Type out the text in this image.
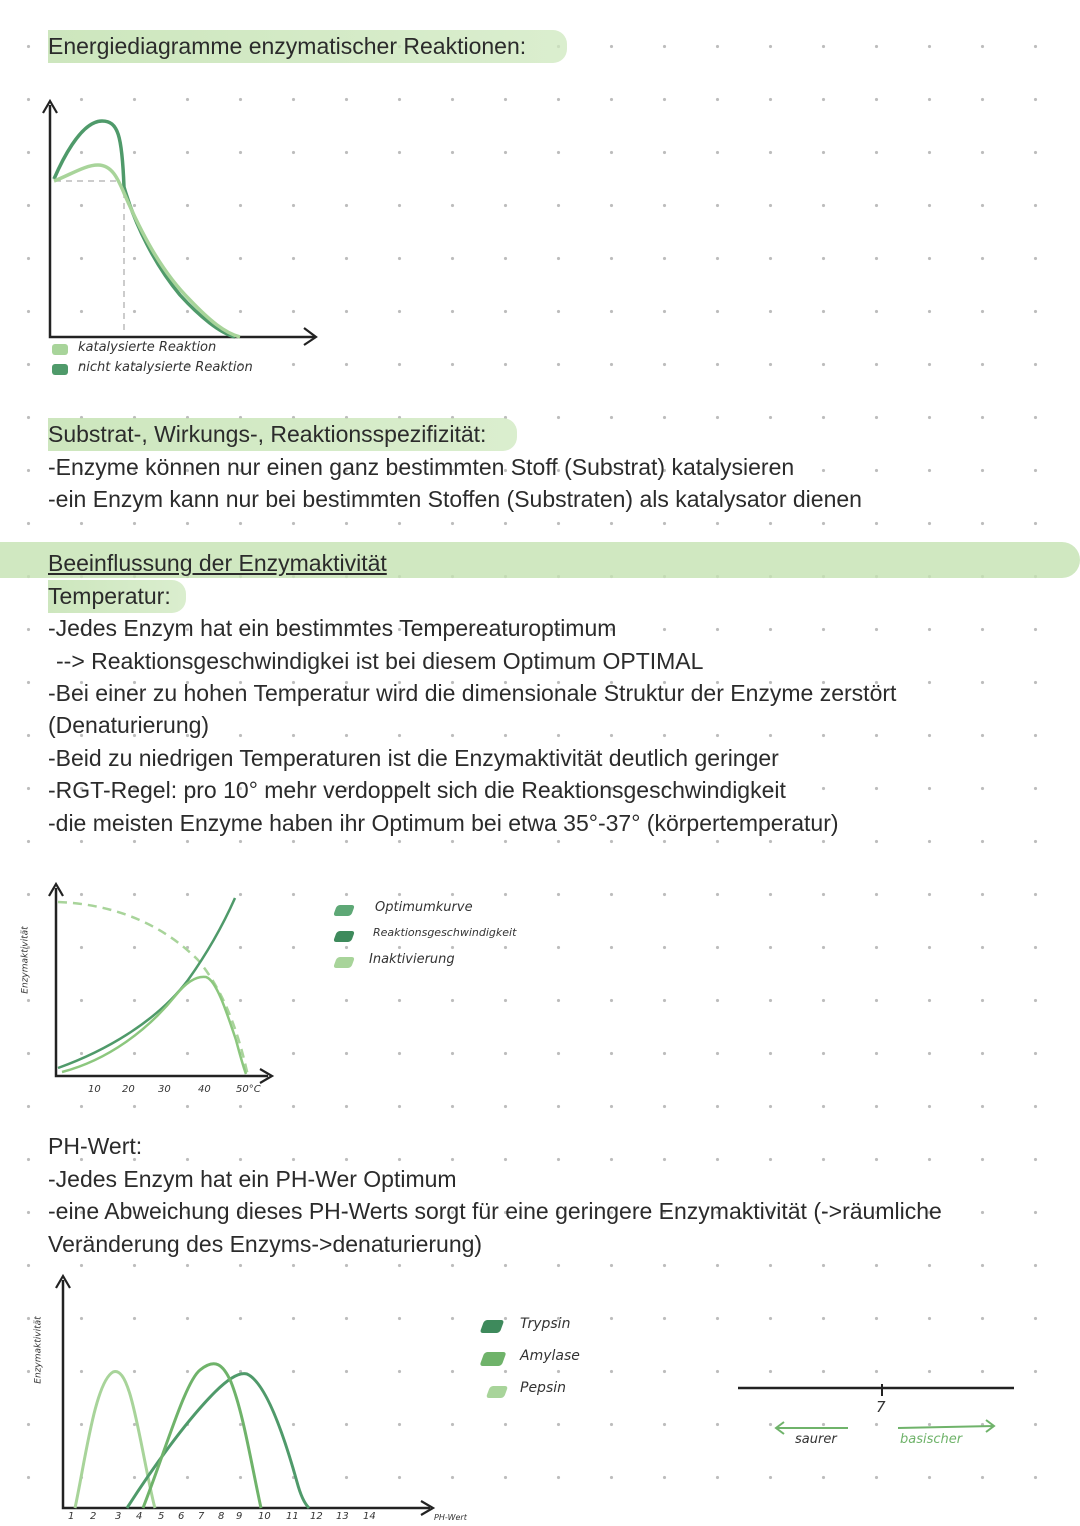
Energiediagramme enzymatischer Reaktionen:
katalysierte Reaktion
nicht katalysierte Reaktion
Substrat-, Wirkungs-, Reaktionsspezifizität:
-Enzyme können nur einen ganz bestimmten Stoff (Substrat) katalysieren
-ein Enzym kann nur bei bestimmten Stoffen (Substraten) als katalysator dienen
Beeinflussung der Enzymaktivität
Temperatur:
-Jedes Enzym hat ein bestimmtes Tempereaturoptimum
--> Reaktionsgeschwindigkei ist bei diesem Optimum OPTIMAL
-Bei einer zu hohen Temperatur wird die dimensionale Struktur der Enzyme zerstört
(Denaturierung)
-Beid zu niedrigen Temperaturen ist die Enzymaktivität deutlich geringer
-RGT-Regel: pro 10° mehr verdoppelt sich die Reaktionsgeschwindigkeit
-die meisten Enzyme haben ihr Optimum bei etwa 35°-37° (körpertemperatur)
Enzymaktivität
10 20 30	40	50°C
Optimumkurve
Reaktionsgeschwindigkeit
Inaktivierung
PH-Wert:
-Jedes Enzym hat ein PH-Wer Optimum
-eine Abweichung dieses PH-Werts sorgt für eine geringere Enzymaktivität (->räumliche
Veränderung des Enzyms->denaturierung)
Enzymaktivität
1 2 3 4 5 6 7 8 9 10 11 12 13 14	PH-Wert
Trypsin
Amylase
Pepsin
7
saurer	basischer
